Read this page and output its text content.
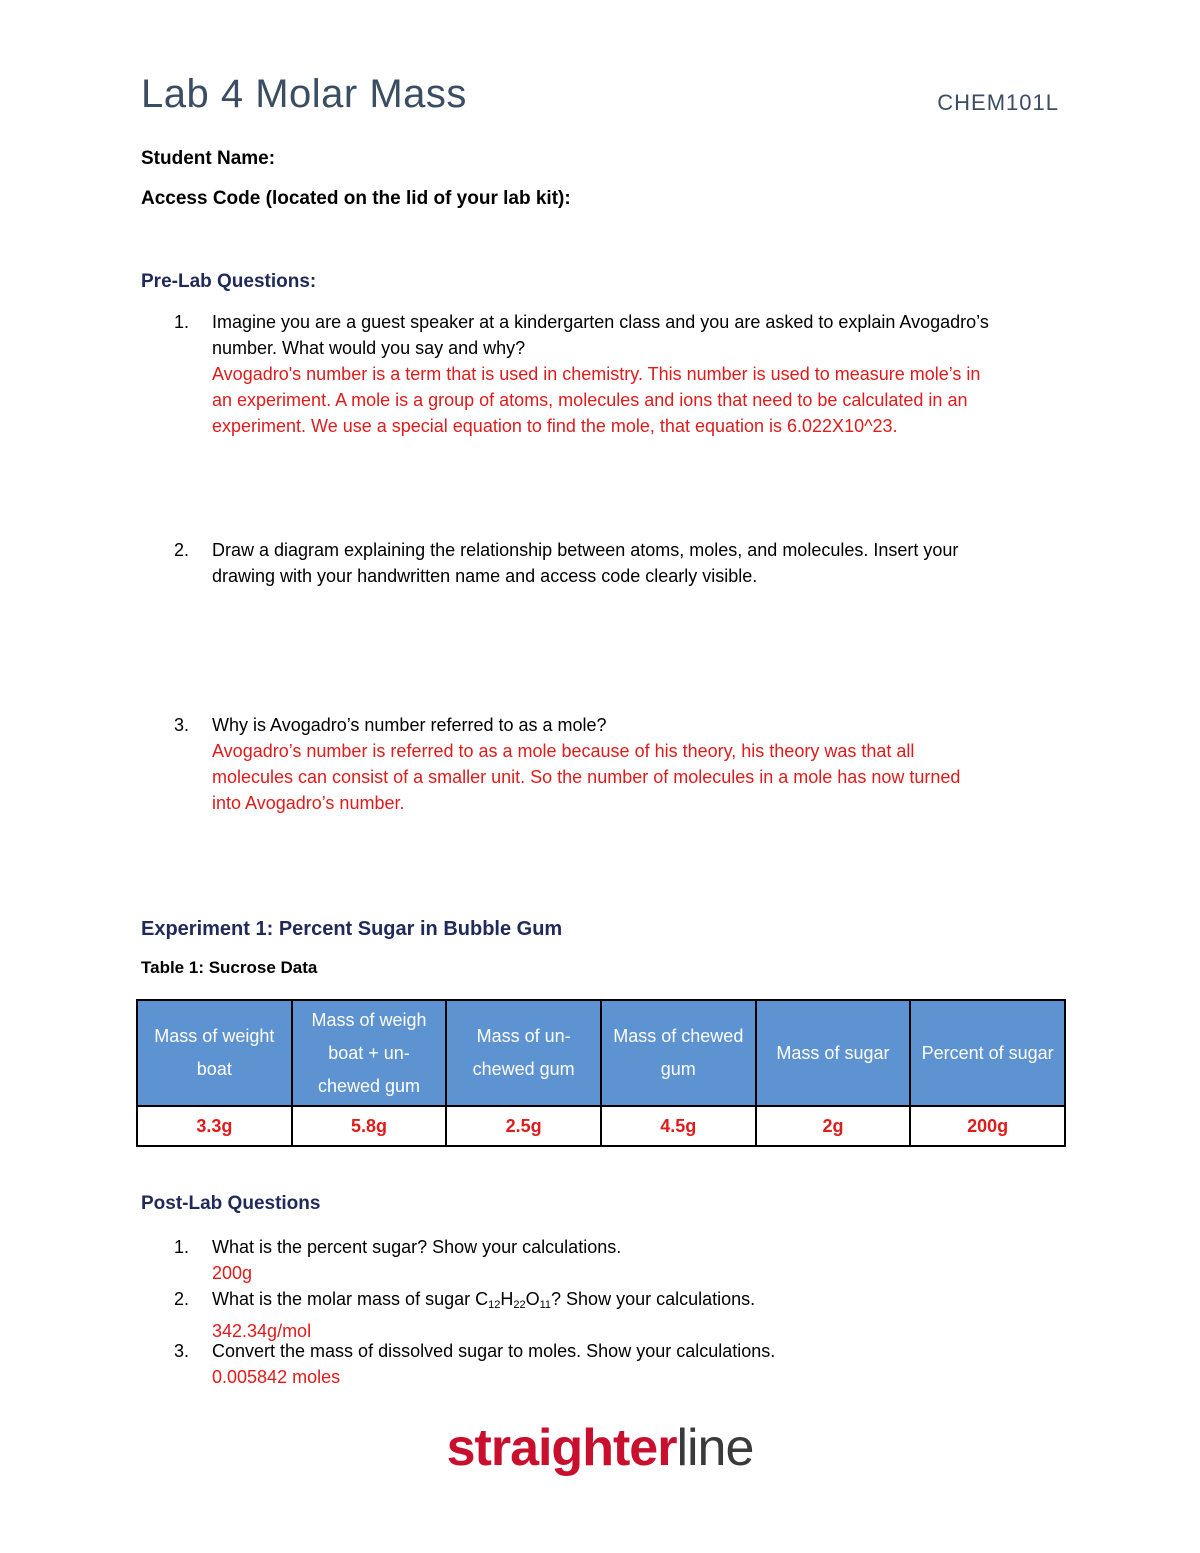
Lab 4 Molar Mass	CHEM101L
Student Name:
Access Code (located on the lid of your lab kit):
Pre-Lab Questions:
1. Imagine you are a guest speaker at a kindergarten class and you are asked to explain Avogadro’s
number. What would you say and why?
Avogadro's number is a term that is used in chemistry. This number is used to measure mole’s in
an experiment. A mole is a group of atoms, molecules and ions that need to be calculated in an
experiment. We use a special equation to find the mole, that equation is 6.022X10^23.
2. Draw a diagram explaining the relationship between atoms, moles, and molecules. Insert your
drawing with your handwritten name and access code clearly visible.
3. Why is Avogadro’s number referred to as a mole?
Avogadro’s number is referred to as a mole because of his theory, his theory was that all
molecules can consist of a smaller unit. So the number of molecules in a mole has now turned
into Avogadro’s number.
Experiment 1: Percent Sugar in Bubble Gum
Table 1: Sucrose Data
Mass of weight boat	Mass of weigh boat + un-chewed gum	Mass of un-chewed gum	Mass of chewed gum	Mass of sugar	Percent of sugar
3.3g	5.8g	2.5g	4.5g	2g	200g
Post-Lab Questions
1. What is the percent sugar? Show your calculations.
200g
2. What is the molar mass of sugar $C_{12}H_{22}O_{11}$? Show your calculations.
342.34g/mol
3. Convert the mass of dissolved sugar to moles. Show your calculations.
0.005842 moles
straighterline
